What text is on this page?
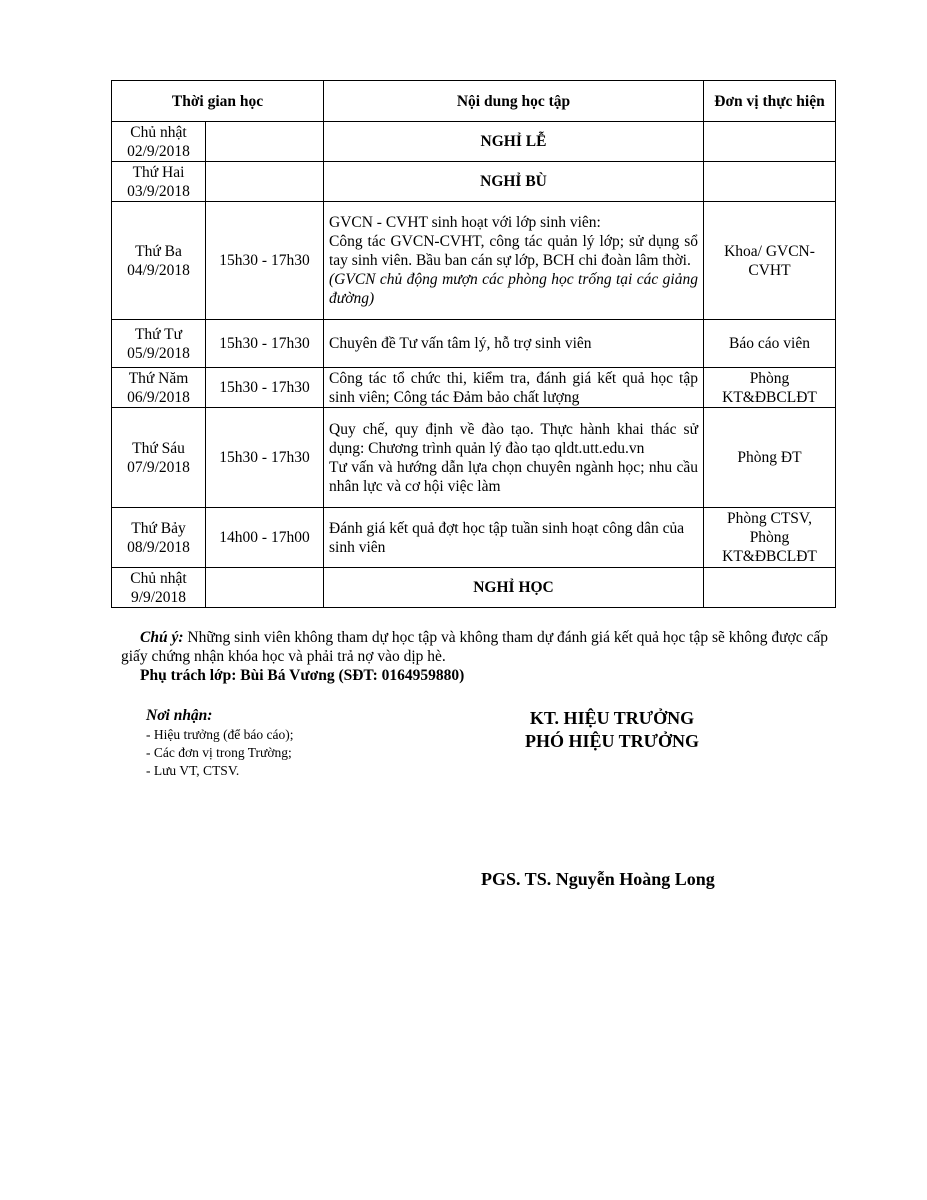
Thời gian học		Nội dung học tập	Đơn vị thực hiện

Chủ nhật
02/9/2018		NGHỈ LỄ	

Thứ Hai
03/9/2018		NGHỈ BÙ	

Thứ Ba
04/9/2018	15h30 - 17h30	GVCN - CVHT sinh hoạt với lớp sinh viên:
Công tác GVCN-CVHT, công tác quản lý lớp; sử dụng sổ tay sinh viên. Bầu ban cán sự lớp, BCH chi đoàn lâm thời.
(GVCN chủ động mượn các phòng học trống tại các giảng đường)	Khoa/ GVCN-CVHT

Thứ Tư
05/9/2018	15h30 - 17h30	Chuyên đề Tư vấn tâm lý, hỗ trợ sinh viên	Báo cáo viên

Thứ Năm
06/9/2018	15h30 - 17h30	Công tác tổ chức thi, kiểm tra, đánh giá kết quả học tập sinh viên; Công tác Đảm bảo chất lượng	Phòng KT&ĐBCLĐT

Thứ Sáu
07/9/2018	15h30 - 17h30	Quy chế, quy định về đào tạo. Thực hành khai thác sử dụng: Chương trình quản lý đào tạo qldt.utt.edu.vn
Tư vấn và hướng dẫn lựa chọn chuyên ngành học; nhu cầu nhân lực và cơ hội việc làm	Phòng ĐT

Thứ Bảy
08/9/2018	14h00 - 17h00	Đánh giá kết quả đợt học tập tuần sinh hoạt công dân của sinh viên	Phòng CTSV, Phòng KT&ĐBCLĐT

Chủ nhật
9/9/2018		NGHỈ HỌC	
Chú ý: Những sinh viên không tham dự học tập và không tham dự đánh giá kết quả học tập sẽ không được cấp giấy chứng nhận khóa học và phải trả nợ vào dịp hè.
Phụ trách lớp: Bùi Bá Vương (SĐT: 0164959880)
Nơi nhận:
- Hiệu trưởng (để báo cáo);
- Các đơn vị trong Trường;
- Lưu VT, CTSV.
KT. HIỆU TRƯỞNG
PHÓ HIỆU TRƯỞNG
PGS. TS. Nguyễn Hoàng Long
